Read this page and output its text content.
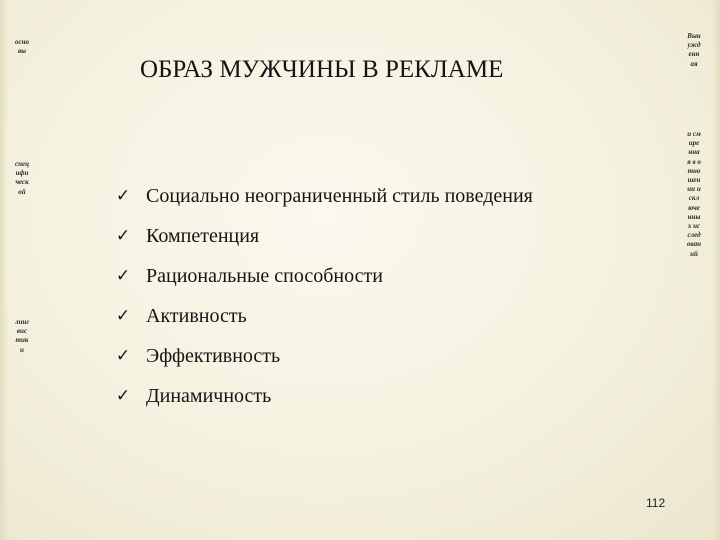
основы
специфической
лингвистики
Вынужденная
и смиренная в отношении исключенных исследований
ОБРАЗ МУЖЧИНЫ В РЕКЛАМЕ
✓ Социально неограниченный стиль поведения
✓ Компетенция
✓ Рациональные способности
✓ Активность
✓ Эффективность
✓ Динамичность
112
